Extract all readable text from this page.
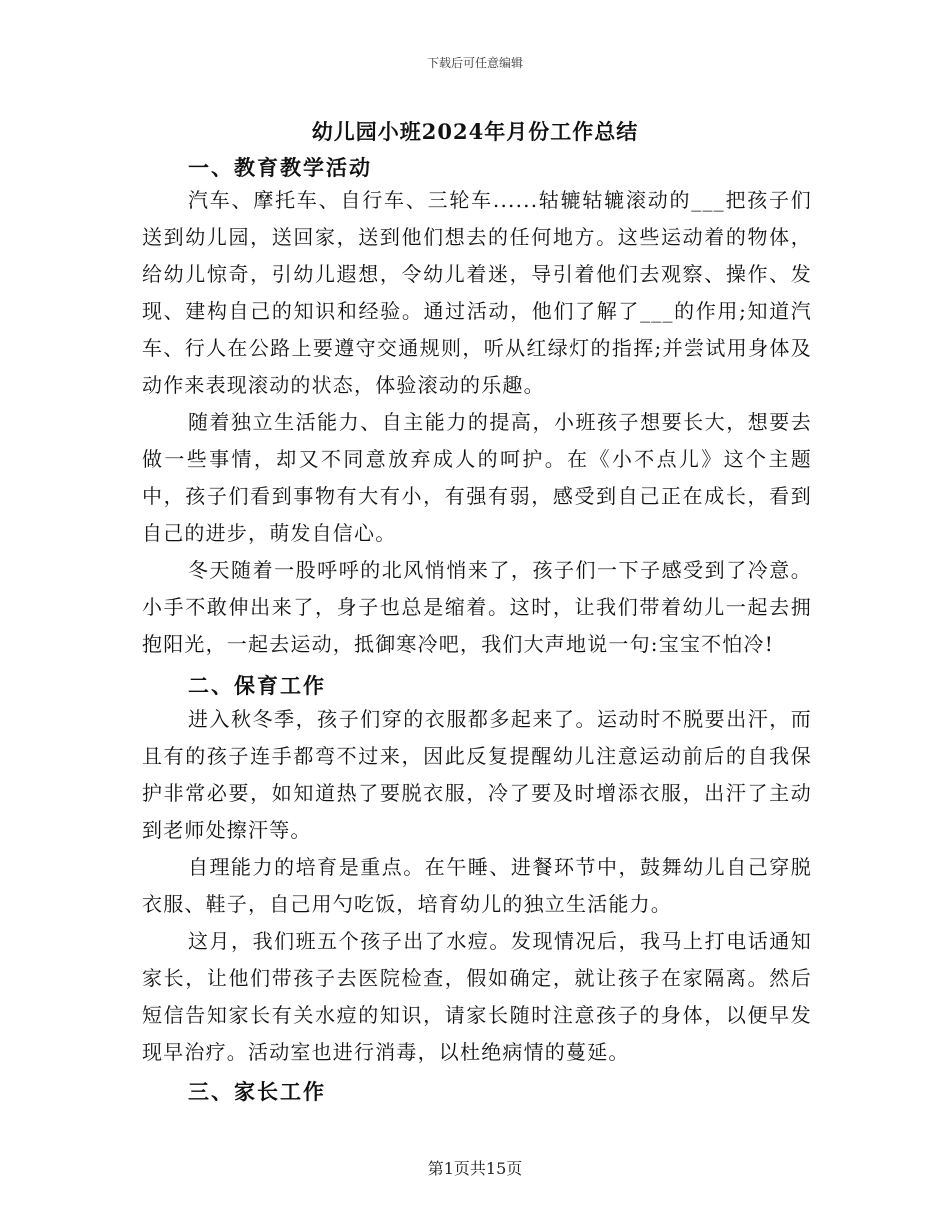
下载后可任意编辑
幼儿园小班2024年月份工作总结
一、教育教学活动

汽车、摩托车、自行车、三轮车......轱辘轱辘滚动的___把孩子们送到幼儿园，送回家，送到他们想去的任何地方。这些运动着的物体，给幼儿惊奇，引幼儿遐想，令幼儿着迷，导引着他们去观察、操作、发现、建构自己的知识和经验。通过活动，他们了解了___的作用;知道汽车、行人在公路上要遵守交通规则，听从红绿灯的指挥;并尝试用身体及动作来表现滚动的状态，体验滚动的乐趣。

随着独立生活能力、自主能力的提高，小班孩子想要长大，想要去做一些事情，却又不同意放弃成人的呵护。在《小不点儿》这个主题中，孩子们看到事物有大有小，有强有弱，感受到自己正在成长，看到自己的进步，萌发自信心。

冬天随着一股呼呼的北风悄悄来了，孩子们一下子感受到了冷意。小手不敢伸出来了，身子也总是缩着。这时，让我们带着幼儿一起去拥抱阳光，一起去运动，抵御寒冷吧，我们大声地说一句:宝宝不怕冷!

二、保育工作

进入秋冬季，孩子们穿的衣服都多起来了。运动时不脱要出汗，而且有的孩子连手都弯不过来，因此反复提醒幼儿注意运动前后的自我保护非常必要，如知道热了要脱衣服，冷了要及时增添衣服，出汗了主动到老师处擦汗等。

自理能力的培育是重点。在午睡、进餐环节中，鼓舞幼儿自己穿脱衣服、鞋子，自己用勺吃饭，培育幼儿的独立生活能力。

这月，我们班五个孩子出了水痘。发现情况后，我马上打电话通知家长，让他们带孩子去医院检查，假如确定，就让孩子在家隔离。然后短信告知家长有关水痘的知识，请家长随时注意孩子的身体，以便早发现早治疗。活动室也进行消毒，以杜绝病情的蔓延。

三、家长工作
第1页共15页
